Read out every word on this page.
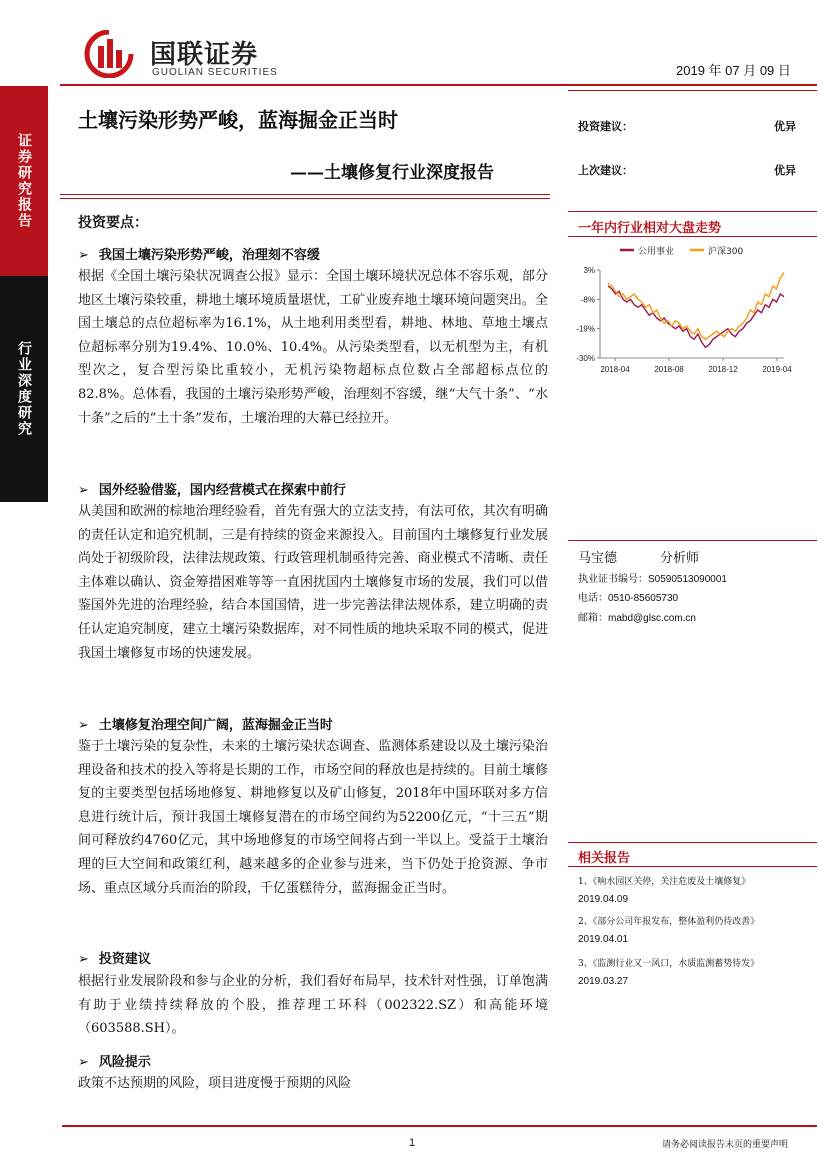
国联证券
GUOLIAN SECURITIES	2019 年 07 月 09 日
证券研究报告
行业深度研究
土壤污染形势严峻，蓝海掘金正当时
——土壤修复行业深度报告
投资要点：
➢ 我国土壤污染形势严峻，治理刻不容缓
根据《全国土壤污染状况调查公报》显示：全国土壤环境状况总体不容乐观，部分地区土壤污染较重，耕地土壤环境质量堪忧，工矿业废弃地土壤环境问题突出。全国土壤总的点位超标率为16.1%，从土地利用类型看，耕地、林地、草地土壤点位超标率分别为19.4%、10.0%、10.4%。从污染类型看，以无机型为主，有机型次之，复合型污染比重较小，无机污染物超标点位数占全部超标点位的 82.8%。总体看，我国的土壤污染形势严峻，治理刻不容缓，继“大气十条”、“水十条”之后的“土十条”发布，土壤治理的大幕已经拉开。
➢ 国外经验借鉴，国内经营模式在探索中前行
从美国和欧洲的棕地治理经验看，首先有强大的立法支持，有法可依，其次有明确的责任认定和追究机制，三是有持续的资金来源投入。目前国内土壤修复行业发展尚处于初级阶段，法律法规政策、行政管理机制亟待完善、商业模式不清晰、责任主体难以确认、资金筹措困难等等一直困扰国内土壤修复市场的发展，我们可以借鉴国外先进的治理经验，结合本国国情，进一步完善法律法规体系，建立明确的责任认定追究制度，建立土壤污染数据库，对不同性质的地块采取不同的模式，促进我国土壤修复市场的快速发展。
➢ 土壤修复治理空间广阔，蓝海掘金正当时
鉴于土壤污染的复杂性，未来的土壤污染状态调查、监测体系建设以及土壤污染治理设备和技术的投入等将是长期的工作，市场空间的释放也是持续的。目前土壤修复的主要类型包括场地修复、耕地修复以及矿山修复，2018年中国环联对多方信息进行统计后，预计我国土壤修复潜在的市场空间约为52200亿元，“十三五”期间可释放约4760亿元，其中场地修复的市场空间将占到一半以上。受益于土壤治理的巨大空间和政策红利，越来越多的企业参与进来，当下仍处于抢资源、争市场、重点区域分兵而治的阶段，千亿蛋糕待分，蓝海掘金正当时。
➢ 投资建议
根据行业发展阶段和参与企业的分析，我们看好布局早，技术针对性强，订单饱满有助于业绩持续释放的个股，推荐理工环科（002322.SZ）和高能环境（603588.SH）。
➢ 风险提示
政策不达预期的风险，项目进度慢于预期的风险
投资建议：	优异
上次建议：	优异
一年内行业相对大盘走势
公用事业	沪深300
3%
-8%
-19%
-30%
2018-04	2018-08	2018-12	2019-04
马宝德	分析师
执业证书编号：S0590513090001
电话：0510-85605730
邮箱：mabd@glsc.com.cn
相关报告
1、《响水园区关停，关注危废及土壤修复》
2019.04.09
2、《部分公司年报发布，整体盈利仍待改善》
2019.04.01
3、《监测行业又一风口，水质监测蓄势待发》
2019.03.27
1	请务必阅读报告末页的重要声明
